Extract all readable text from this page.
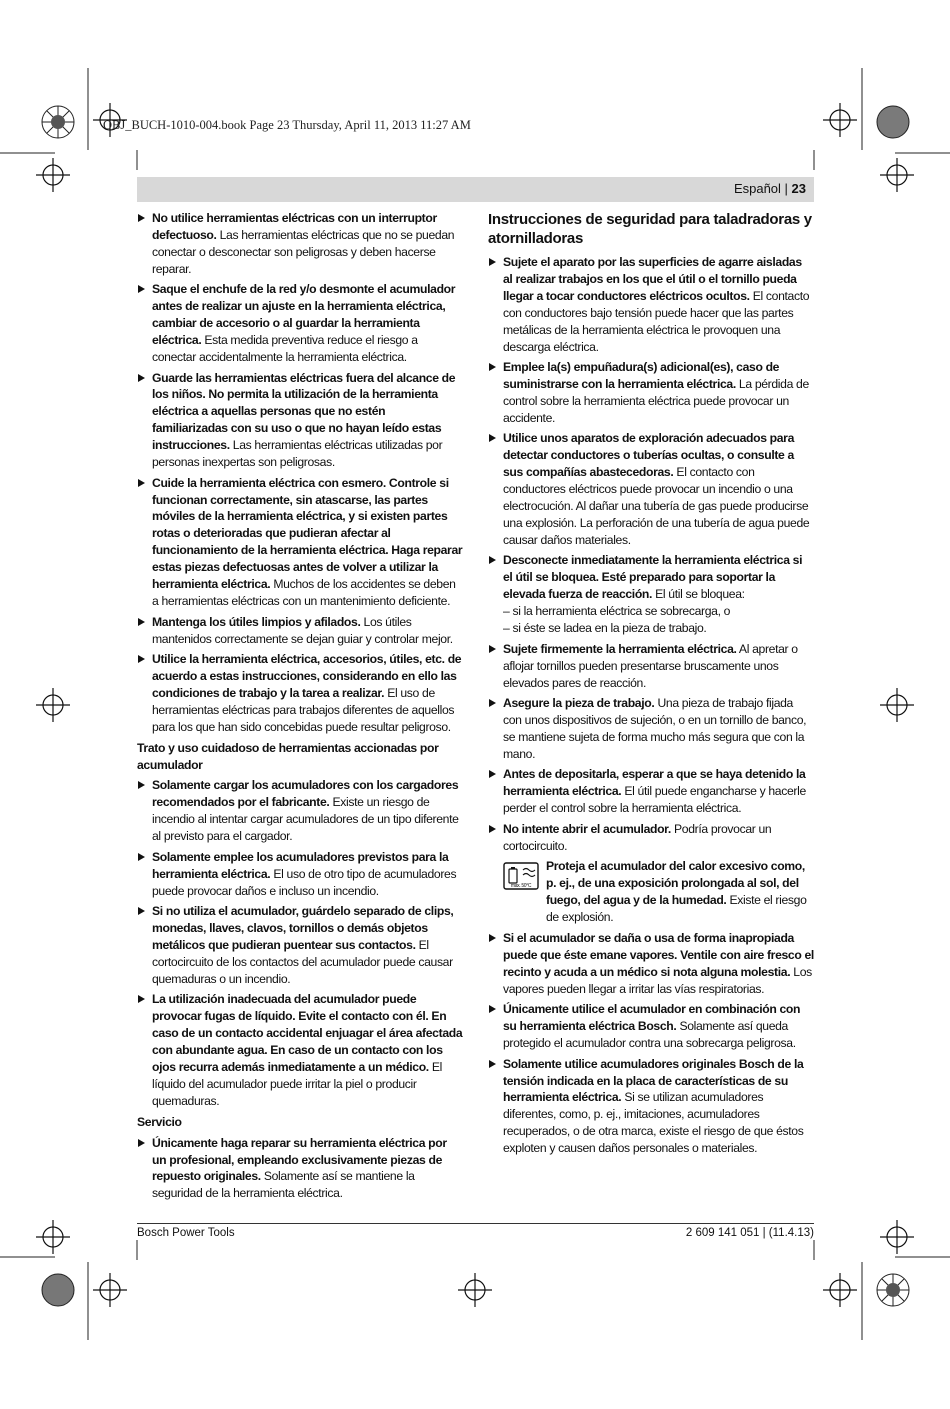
OBJ_BUCH-1010-004.book Page 23 Thursday, April 11, 2013 11:27 AM
Español | 23
No utilice herramientas eléctricas con un interruptor defectuoso. Las herramientas eléctricas que no se puedan conectar o desconectar son peligrosas y deben hacerse reparar.
Saque el enchufe de la red y/o desmonte el acumulador antes de realizar un ajuste en la herramienta eléctrica, cambiar de accesorio o al guardar la herramienta eléctrica. Esta medida preventiva reduce el riesgo a conectar accidentalmente la herramienta eléctrica.
Guarde las herramientas eléctricas fuera del alcance de los niños. No permita la utilización de la herramienta eléctrica a aquellas personas que no estén familiarizadas con su uso o que no hayan leído estas instrucciones. Las herramientas eléctricas utilizadas por personas inexpertas son peligrosas.
Cuide la herramienta eléctrica con esmero. Controle si funcionan correctamente, sin atascarse, las partes móviles de la herramienta eléctrica, y si existen partes rotas o deterioradas que pudieran afectar al funcionamiento de la herramienta eléctrica. Haga reparar estas piezas defectuosas antes de volver a utilizar la herramienta eléctrica. Muchos de los accidentes se deben a herramientas eléctricas con un mantenimiento deficiente.
Mantenga los útiles limpios y afilados. Los útiles mantenidos correctamente se dejan guiar y controlar mejor.
Utilice la herramienta eléctrica, accesorios, útiles, etc. de acuerdo a estas instrucciones, considerando en ello las condiciones de trabajo y la tarea a realizar. El uso de herramientas eléctricas para trabajos diferentes de aquellos para los que han sido concebidas puede resultar peligroso.
Trato y uso cuidadoso de herramientas accionadas por acumulador
Solamente cargar los acumuladores con los cargadores recomendados por el fabricante. Existe un riesgo de incendio al intentar cargar acumuladores de un tipo diferente al previsto para el cargador.
Solamente emplee los acumuladores previstos para la herramienta eléctrica. El uso de otro tipo de acumuladores puede provocar daños e incluso un incendio.
Si no utiliza el acumulador, guárdelo separado de clips, monedas, llaves, clavos, tornillos o demás objetos metálicos que pudieran puentear sus contactos. El cortocircuito de los contactos del acumulador puede causar quemaduras o un incendio.
La utilización inadecuada del acumulador puede provocar fugas de líquido. Evite el contacto con él. En caso de un contacto accidental enjuagar el área afectada con abundante agua. En caso de un contacto con los ojos recurra además inmediatamente a un médico. El líquido del acumulador puede irritar la piel o producir quemaduras.
Servicio
Únicamente haga reparar su herramienta eléctrica por un profesional, empleando exclusivamente piezas de repuesto originales. Solamente así se mantiene la seguridad de la herramienta eléctrica.
Instrucciones de seguridad para taladradoras y atornilladoras
Sujete el aparato por las superficies de agarre aisladas al realizar trabajos en los que el útil o el tornillo pueda llegar a tocar conductores eléctricos ocultos. El contacto con conductores bajo tensión puede hacer que las partes metálicas de la herramienta eléctrica le provoquen una descarga eléctrica.
Emplee la(s) empuñadura(s) adicional(es), caso de suministrarse con la herramienta eléctrica. La pérdida de control sobre la herramienta eléctrica puede provocar un accidente.
Utilice unos aparatos de exploración adecuados para detectar conductores o tuberías ocultas, o consulte a sus compañías abastecedoras. El contacto con conductores eléctricos puede provocar un incendio o una electrocución. Al dañar una tubería de gas puede producirse una explosión. La perforación de una tubería de agua puede causar daños materiales.
Desconecte inmediatamente la herramienta eléctrica si el útil se bloquea. Esté preparado para soportar la elevada fuerza de reacción. El útil se bloquea:
– si la herramienta eléctrica se sobrecarga, o
– si éste se ladea en la pieza de trabajo.
Sujete firmemente la herramienta eléctrica. Al apretar o aflojar tornillos pueden presentarse bruscamente unos elevados pares de reacción.
Asegure la pieza de trabajo. Una pieza de trabajo fijada con unos dispositivos de sujeción, o en un tornillo de banco, se mantiene sujeta de forma mucho más segura que con la mano.
Antes de depositarla, esperar a que se haya detenido la herramienta eléctrica. El útil puede engancharse y hacerle perder el control sobre la herramienta eléctrica.
No intente abrir el acumulador. Podría provocar un cortocircuito.
max. 50°C
Proteja el acumulador del calor excesivo como, p. ej., de una exposición prolongada al sol, del fuego, del agua y de la humedad. Existe el riesgo de explosión.
Si el acumulador se daña o usa de forma inapropiada puede que éste emane vapores. Ventile con aire fresco el recinto y acuda a un médico si nota alguna molestia. Los vapores pueden llegar a irritar las vías respiratorias.
Únicamente utilice el acumulador en combinación con su herramienta eléctrica Bosch. Solamente así queda protegido el acumulador contra una sobrecarga peligrosa.
Solamente utilice acumuladores originales Bosch de la tensión indicada en la placa de características de su herramienta eléctrica. Si se utilizan acumuladores diferentes, como, p. ej., imitaciones, acumuladores recuperados, o de otra marca, existe el riesgo de que éstos exploten y causen daños personales o materiales.
Bosch Power Tools	2 609 141 051 | (11.4.13)
